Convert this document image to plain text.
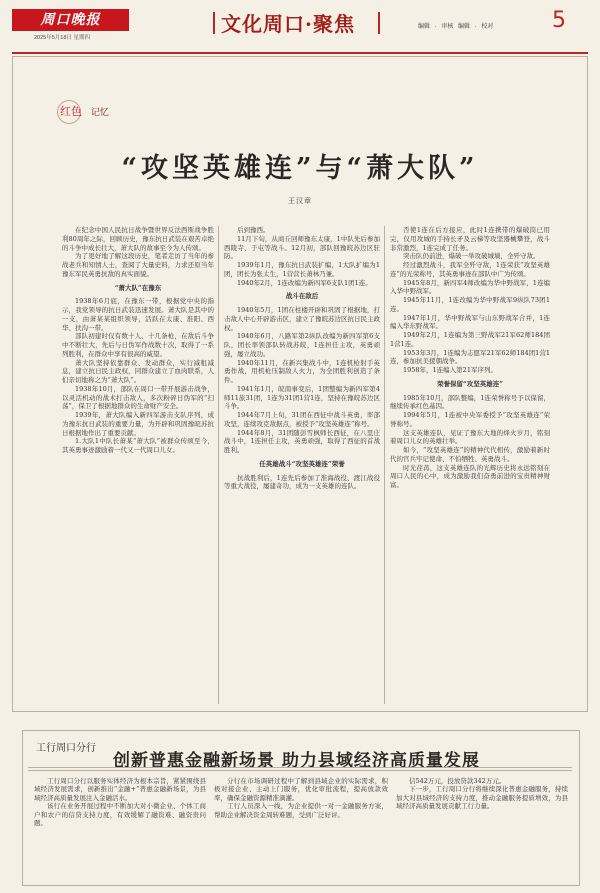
周口晚报
2025年5月18日 星期四
文化周口·聚焦	编辑 · 审核 编辑 · 校对	5
红色 记忆
“攻坚英雄连”与“萧大队”
王汉章

在纪念中国人民抗日战争暨世界反法西斯战争胜利80周年之际，回顾历史，豫东抗日武装在艰苦卓绝的斗争中成长壮大，萧大队的故事至今为人传颂。

为了更好地了解这段历史，笔者走访了当年的参战老兵和知情人士，查阅了大量史料，力求还原当年豫东军民英勇抗敌的真实面貌。

“萧大队”在豫东

1938年6月底，在豫东一带，根据党中央的指示，我党领导的抗日武装迅速发展。萧大队是其中的一支，由萧某某组织领导，活跃在太康、淮阳、西华、扶沟一带。

部队初建时仅有数十人、十几条枪，在敌后斗争中不断壮大，先后与日伪军作战数十次，取得了一系列胜利，在群众中享有很高的威望。

萧大队坚持依靠群众、发动群众，实行减租减息，建立抗日民主政权，同群众建立了血肉联系，人们亲切地称之为“萧大队”。

1938年10月，部队在周口一带开展游击战争，以灵活机动的战术打击敌人，多次粉碎日伪军的“扫荡”，保卫了根据地群众的生命财产安全。

1939年，萧大队编入新四军游击支队序列，成为豫东抗日武装的重要力量，为开辟和巩固豫皖苏抗日根据地作出了重要贡献。

1.大队1中队长萧某“萧大队”被群众传颂至今，其英勇事迹激励着一代又一代周口儿女。

后到豫西。

11月下旬，从商丘回师豫东太康，1中队先后参加西陵寺、于屯等战斗。12月初，部队回豫皖苏边区驻防。

1939年1月，豫东抗日武装扩编，1大队扩编为1团，团长为张太生，1营营长萧林乃兼。

1940年2月，1连改编为新四军6支队1团1连。

战斗在敌后

1940年5月，1团在柱楼开辟和巩固了根据地，打击敌人中心开辟游击区，建立了豫皖苏边区抗日民主政权。

1940年6月，八路军第2纵队改编为新四军第6支队，团长率领部队转战苏皖，1连担任主攻，英勇顽强，屡立战功。

1940年11月，在新兴集战斗中，1连机枪射手英勇作战，用机枪压制敌人火力，为全团胜利创造了条件。

1941年1月，皖南事变后，1团整编为新四军第4师11旅31团，1连为31团1营1连，坚持在豫皖苏边区斗争。

1944年7月上旬，31团在西征中战斗英勇，率部攻坚，连续攻克敌据点，被授予“攻坚英雄连”称号。

1944年8月，31团随彭雪枫师长西征，在八里庄战斗中，1连担任主攻，英勇顽强，取得了西征的首战胜利。

任英雄战斗“攻坚英雄连”荣誉

抗战胜利后，1连先后参加了淮海战役、渡江战役等重大战役，屡建奇功，成为一支英雄的连队。

否使1连在后方接应，此时1连携带的爆破筒已用完，仅用攻城的手持长矛及云梯等攻坚器械攀登，战斗非常激烈，1连完成了任务。

突击队仍前进，爆破一举攻破城墙，全歼守敌。

经过激烈战斗，我军全歼守敌，1连荣获“攻坚英雄连”的光荣称号，其英勇事迹在部队中广为传颂。

1945年8月，新四军4师改编为华中野战军，1连编入华中野战军。

1945年11月，1连改编为华中野战军9纵队73团1连。

1947年1月，华中野战军与山东野战军合并，1连编入华东野战军。

1949年2月，1连编为第三野战军21军62师184团1营1连。

1953年3月，1连编为志愿军21军62师184团1营1连，参加抗美援朝战争。

1958年，1连编入第21军序列。

荣誉保留“攻坚英雄连”

1985年10月，部队整编，1连荣誉称号予以保留，继续传承红色基因。

1994年5月，1连被中央军委授予“攻坚英雄连”荣誉称号。

这支英雄连队，见证了豫东大地的烽火岁月，铭刻着周口儿女的英雄壮举。

如今，“攻坚英雄连”的精神代代相传，激励着新时代的官兵牢记使命、不怕牺牲、英勇战斗。

时光荏苒，这支英雄连队的光辉历史将永远铭刻在周口人民的心中，成为激励我们奋勇前进的宝贵精神财富。

工行周口分行
创新普惠金融新场景 助力县域经济高质量发展

工行周口分行以服务实体经济为根本宗旨，紧紧围绕县域经济发展需求，创新推出“金融+”普惠金融新场景，为县域经济高质量发展注入金融活水。

该行在业务开展过程中不断加大对小微企业、个体工商户和农户的信贷支持力度，有效缓解了融资难、融资贵问题。

分行在市场调研过程中了解到县域企业的实际需求，积极对接企业、主动上门服务，优化审批流程，提高放款效率，确保金融资源精准滴灌。

工行人员深入一线，为企业提供一对一金融服务方案，帮助企业解决资金周转难题，受到广泛好评。

信542万元，投放贷款342万元。

下一步，工行周口分行将继续深化普惠金融服务，持续加大对县域经济的支持力度，推动金融服务提质增效，为县域经济高质量发展贡献工行力量。
